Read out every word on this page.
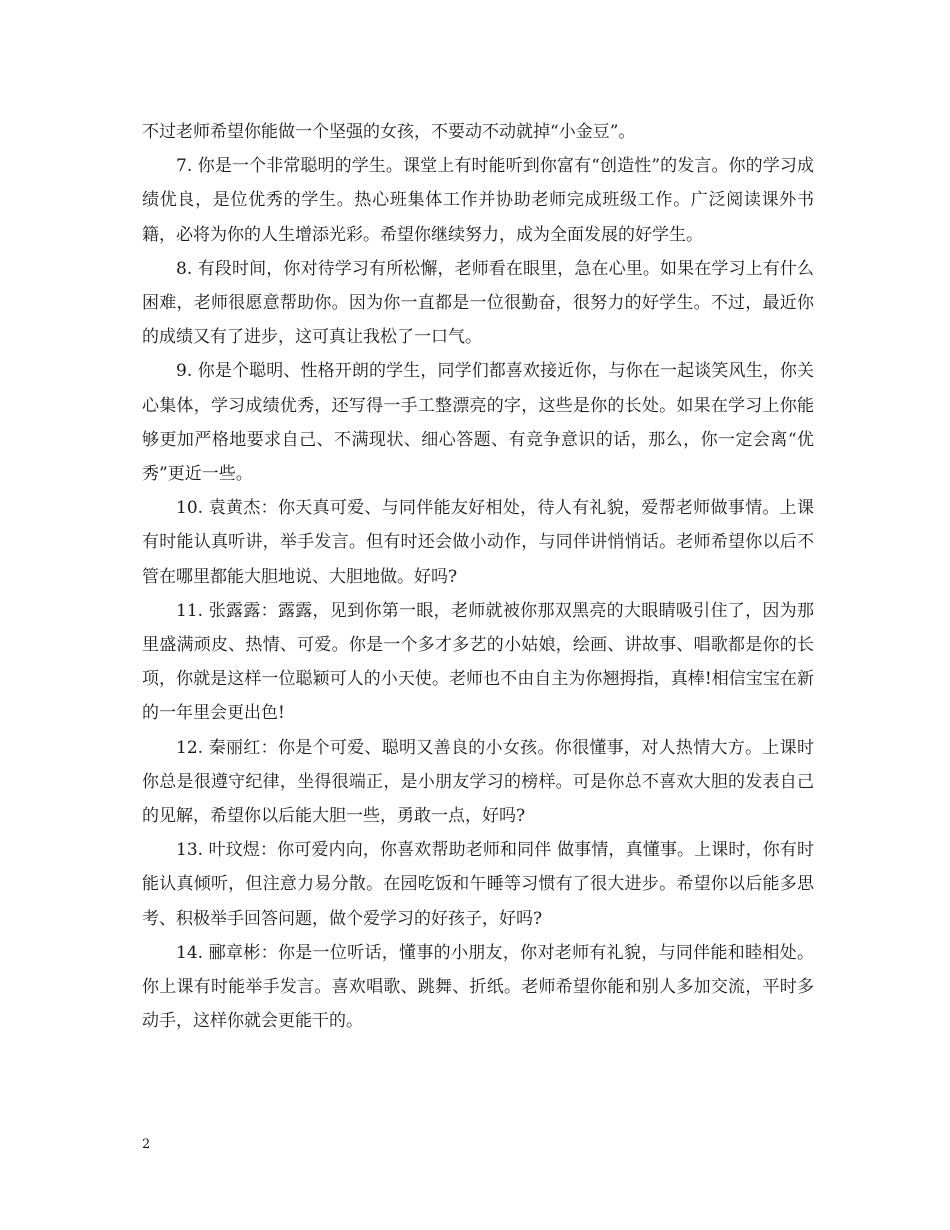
不过老师希望你能做一个坚强的女孩，不要动不动就掉“小金豆”。

7. 你是一个非常聪明的学生。课堂上有时能听到你富有“创造性”的发言。你的学习成绩优良，是位优秀的学生。热心班集体工作并协助老师完成班级工作。广泛阅读课外书籍，必将为你的人生增添光彩。希望你继续努力，成为全面发展的好学生。

8. 有段时间，你对待学习有所松懈，老师看在眼里，急在心里。如果在学习上有什么困难，老师很愿意帮助你。因为你一直都是一位很勤奋，很努力的好学生。不过，最近你的成绩又有了进步，这可真让我松了一口气。

9. 你是个聪明、性格开朗的学生，同学们都喜欢接近你，与你在一起谈笑风生，你关心集体，学习成绩优秀，还写得一手工整漂亮的字，这些是你的长处。如果在学习上你能够更加严格地要求自己、不满现状、细心答题、有竞争意识的话，那么，你一定会离“优秀”更近一些。

10. 袁黄杰：你天真可爱、与同伴能友好相处，待人有礼貌，爱帮老师做事情。上课有时能认真听讲，举手发言。但有时还会做小动作，与同伴讲悄悄话。老师希望你以后不管在哪里都能大胆地说、大胆地做。好吗?

11. 张露露：露露，见到你第一眼，老师就被你那双黑亮的大眼睛吸引住了，因为那里盛满顽皮、热情、可爱。你是一个多才多艺的小姑娘，绘画、讲故事、唱歌都是你的长项，你就是这样一位聪颖可人的小天使。老师也不由自主为你翘拇指，真棒!相信宝宝在新的一年里会更出色!

12. 秦丽红：你是个可爱、聪明又善良的小女孩。你很懂事，对人热情大方。上课时你总是很遵守纪律，坐得很端正，是小朋友学习的榜样。可是你总不喜欢大胆的发表自己的见解，希望你以后能大胆一些，勇敢一点，好吗?

13. 叶玟煜：你可爱内向，你喜欢帮助老师和同伴 做事情，真懂事。上课时，你有时能认真倾听，但注意力易分散。在园吃饭和午睡等习惯有了很大进步。希望你以后能多思考、积极举手回答问题，做个爱学习的好孩子，好吗?

14. 郦章彬：你是一位听话，懂事的小朋友，你对老师有礼貌，与同伴能和睦相处。你上课有时能举手发言。喜欢唱歌、跳舞、折纸。老师希望你能和别人多加交流，平时多动手，这样你就会更能干的。

2
